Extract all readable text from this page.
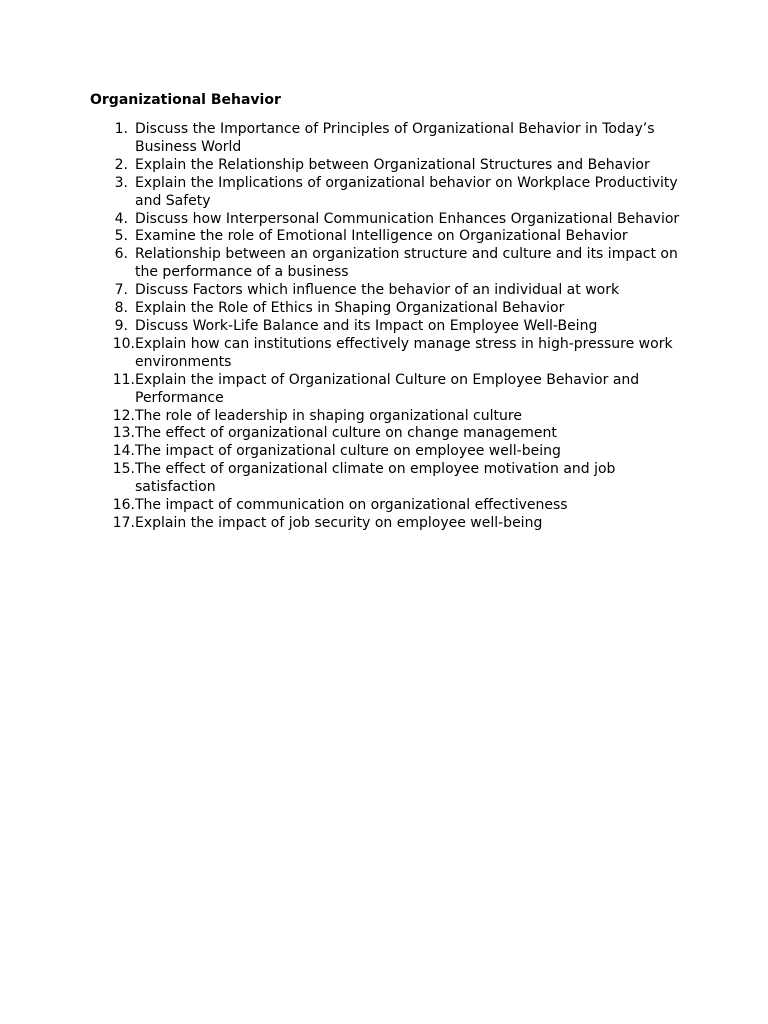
Organizational Behavior
1. Discuss the Importance of Principles of Organizational Behavior in Today’s Business World
2. Explain the Relationship between Organizational Structures and Behavior
3. Explain the Implications of organizational behavior on Workplace Productivity and Safety
4. Discuss how Interpersonal Communication Enhances Organizational Behavior
5. Examine the role of Emotional Intelligence on Organizational Behavior
6. Relationship between an organization structure and culture and its impact on the performance of a business
7. Discuss Factors which influence the behavior of an individual at work
8. Explain the Role of Ethics in Shaping Organizational Behavior
9. Discuss Work-Life Balance and its Impact on Employee Well-Being
10. Explain how can institutions effectively manage stress in high-pressure work environments
11. Explain the impact of Organizational Culture on Employee Behavior and Performance
12. The role of leadership in shaping organizational culture
13. The effect of organizational culture on change management
14. The impact of organizational culture on employee well-being
15. The effect of organizational climate on employee motivation and job satisfaction
16. The impact of communication on organizational effectiveness
17. Explain the impact of job security on employee well-being
